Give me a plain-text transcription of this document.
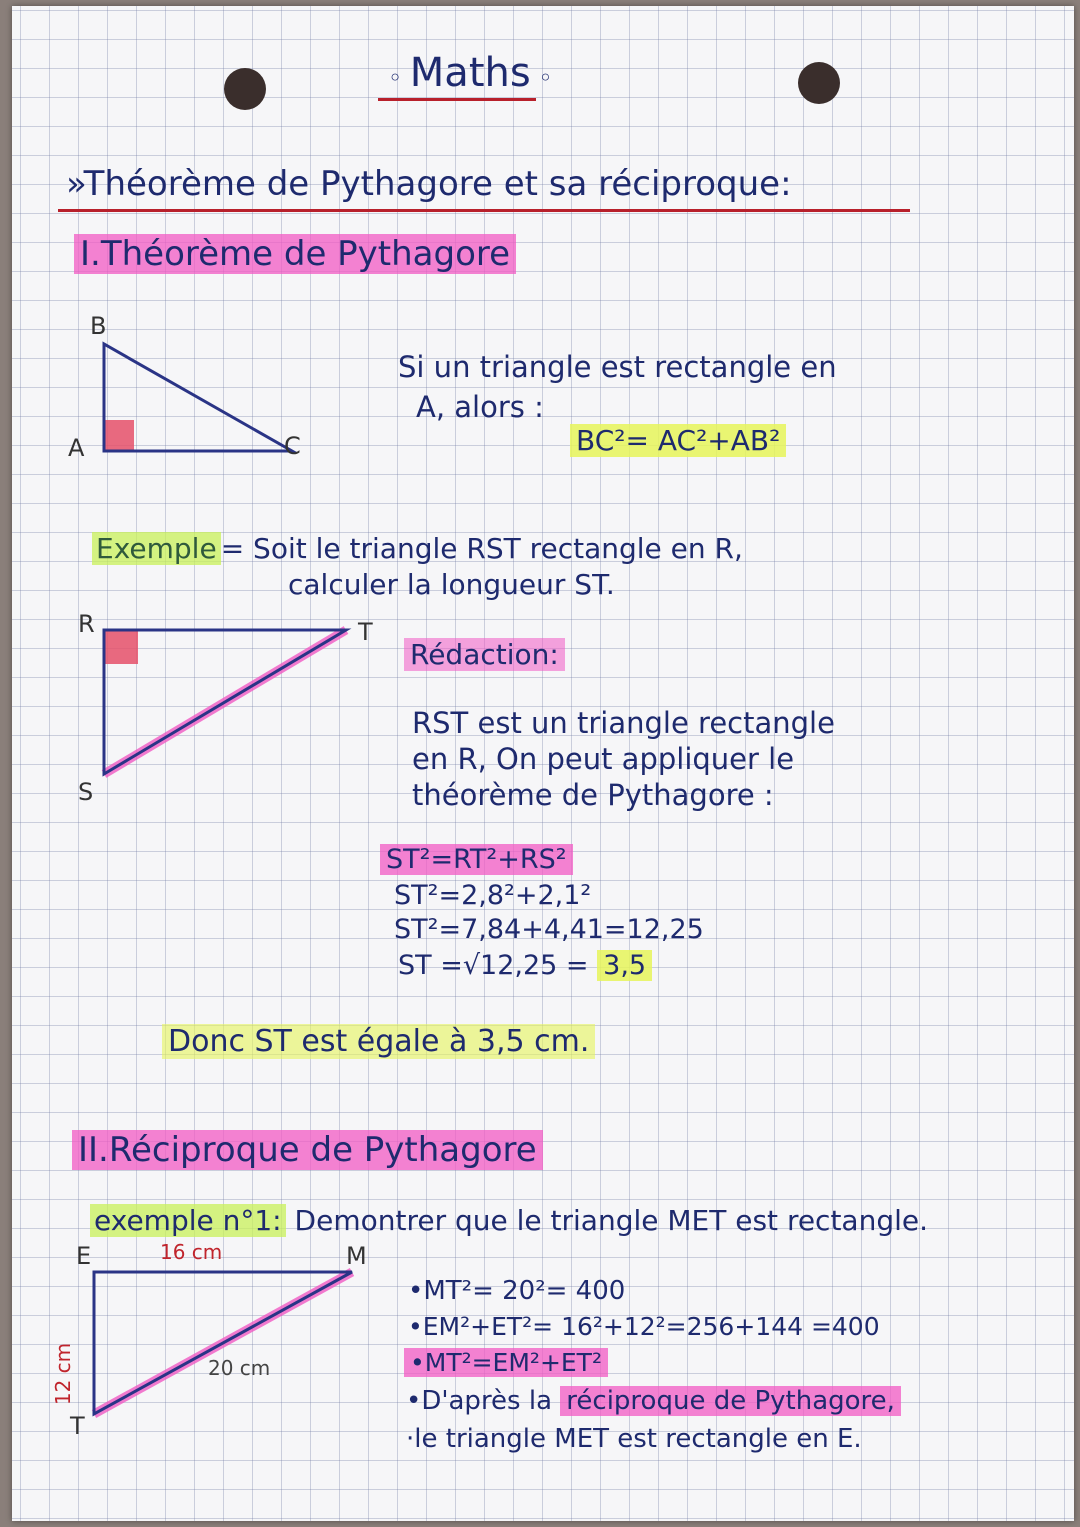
◦ Maths ◦
»Théorème de Pythagore et sa réciproque:
I.Théorème de Pythagore
B
A	C
Si un triangle est rectangle en
A, alors :
BC²= AC²+AB²
Exemple = Soit le triangle RST rectangle en R,
calculer la longueur ST.
R	T
S
Rédaction:
RST est un triangle rectangle
en R, On peut appliquer le
théorème de Pythagore :
ST²=RT²+RS²
ST²=2,8²+2,1²
ST²=7,84+4,41=12,25
ST =√12,25 = 3,5
Donc ST est égale à 3,5 cm.
II.Réciproque de Pythagore
exemple n°1: Demontrer que le triangle MET est rectangle.
E	M
T
16 cm
20 cm
12 cm
•MT²= 20²= 400
•EM²+ET²= 16²+12²=256+144 =400
•MT²=EM²+ET²
•D'après la réciproque de Pythagore,
·le triangle MET est rectangle en E.
